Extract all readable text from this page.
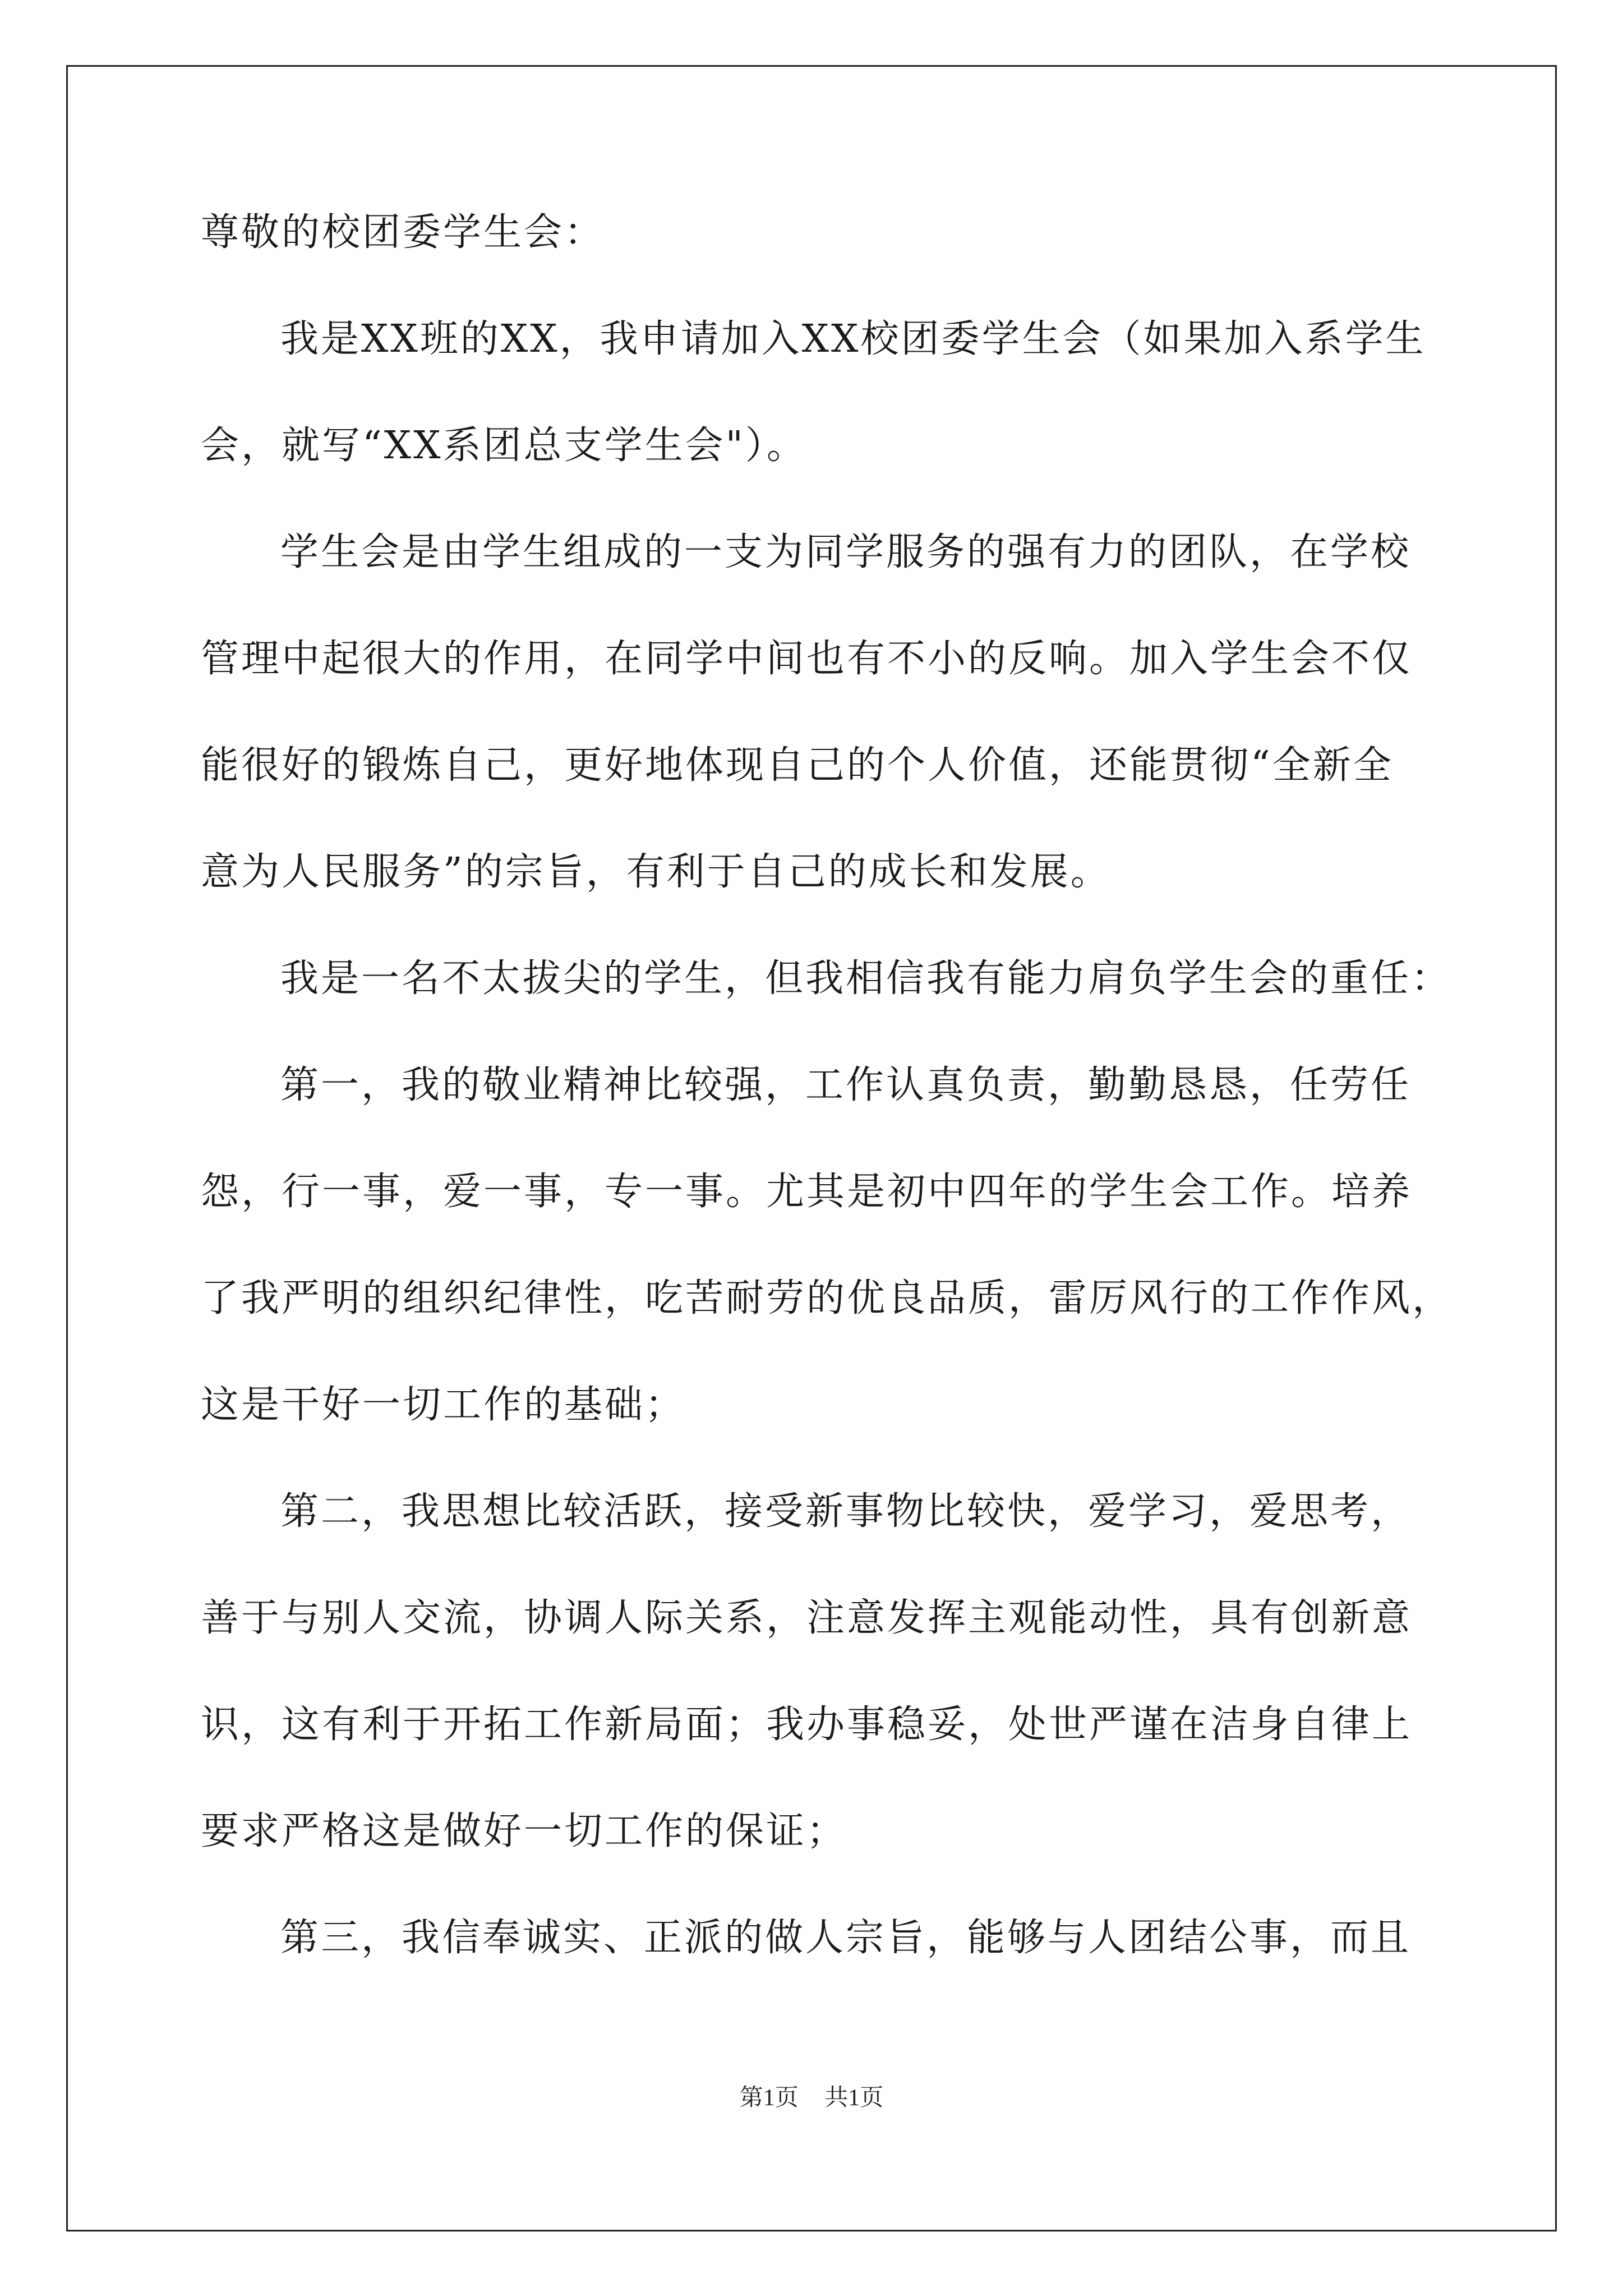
尊敬的校团委学生会：
我是XX班的XX，我申请加入XX校团委学生会（如果加入系学生
会，就写“XX系团总支学生会"）。
学生会是由学生组成的一支为同学服务的强有力的团队，在学校
管理中起很大的作用，在同学中间也有不小的反响。加入学生会不仅
能很好的锻炼自己，更好地体现自己的个人价值，还能贯彻“全新全
意为人民服务”的宗旨，有利于自己的成长和发展。
我是一名不太拔尖的学生，但我相信我有能力肩负学生会的重任：
第一，我的敬业精神比较强，工作认真负责，勤勤恳恳，任劳任
怨，行一事，爱一事，专一事。尤其是初中四年的学生会工作。培养
了我严明的组织纪律性，吃苦耐劳的优良品质，雷厉风行的工作作风，
这是干好一切工作的基础；
第二，我思想比较活跃，接受新事物比较快，爱学习，爱思考，
善于与别人交流，协调人际关系，注意发挥主观能动性，具有创新意
识，这有利于开拓工作新局面；我办事稳妥，处世严谨在洁身自律上
要求严格这是做好一切工作的保证；
第三，我信奉诚实、正派的做人宗旨，能够与人团结公事，而且
第1页 共1页
